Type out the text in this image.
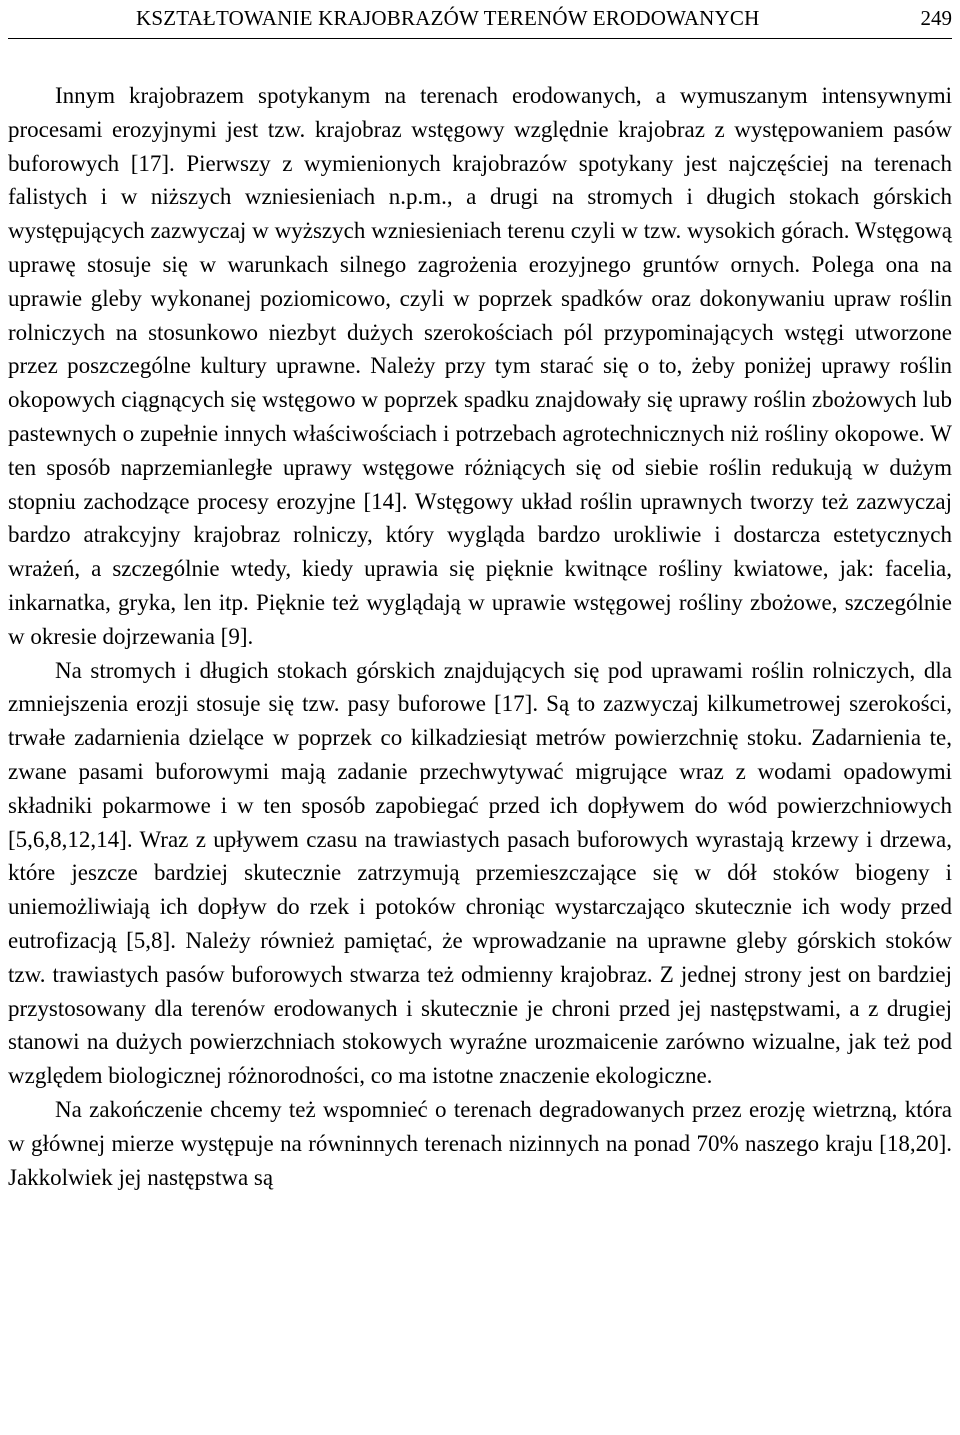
KSZTAŁTOWANIE KRAJOBRAZÓW TERENÓW ERODOWANYCH	249

Innym krajobrazem spotykanym na terenach erodowanych, a wymuszanym intensywnymi procesami erozyjnymi jest tzw. krajobraz wstęgowy względnie krajobraz z występowaniem pasów buforowych [17]. Pierwszy z wymienionych krajobrazów spotykany jest najczęściej na terenach falistych i w niższych wzniesieniach n.p.m., a drugi na stromych i długich stokach górskich występujących zazwyczaj w wyższych wzniesieniach terenu czyli w tzw. wysokich górach. Wstęgową uprawę stosuje się w warunkach silnego zagrożenia erozyjnego gruntów ornych. Polega ona na uprawie gleby wykonanej poziomicowo, czyli w poprzek spadków oraz dokonywaniu upraw roślin rolniczych na stosunkowo niezbyt dużych szerokościach pól przypominających wstęgi utworzone przez poszczególne kultury uprawne. Należy przy tym starać się o to, żeby poniżej uprawy roślin okopowych ciągnących się wstęgowo w poprzek spadku znajdowały się uprawy roślin zbożowych lub pastewnych o zupełnie innych właściwościach i potrzebach agrotechnicznych niż rośliny okopowe. W ten sposób naprzemianległe uprawy wstęgowe różniących się od siebie roślin redukują w dużym stopniu zachodzące procesy erozyjne [14]. Wstęgowy układ roślin uprawnych tworzy też zazwyczaj bardzo atrakcyjny krajobraz rolniczy, który wygląda bardzo urokliwie i dostarcza estetycznych wrażeń, a szczególnie wtedy, kiedy uprawia się pięknie kwitnące rośliny kwiatowe, jak: facelia, inkarnatka, gryka, len itp. Pięknie też wyglądają w uprawie wstęgowej rośliny zbożowe, szczególnie w okresie dojrzewania [9].

Na stromych i długich stokach górskich znajdujących się pod uprawami roślin rolniczych, dla zmniejszenia erozji stosuje się tzw. pasy buforowe [17]. Są to zazwyczaj kilkumetrowej szerokości, trwałe zadarnienia dzielące w poprzek co kilkadziesiąt metrów powierzchnię stoku. Zadarnienia te, zwane pasami buforowymi mają zadanie przechwytywać migrujące wraz z wodami opadowymi składniki pokarmowe i w ten sposób zapobiegać przed ich dopływem do wód powierzchniowych [5,6,8,12,14]. Wraz z upływem czasu na trawiastych pasach buforowych wyrastają krzewy i drzewa, które jeszcze bardziej skutecznie zatrzymują przemieszczające się w dół stoków biogeny i uniemożliwiają ich dopływ do rzek i potoków chroniąc wystarczająco skutecznie ich wody przed eutrofizacją [5,8]. Należy również pamiętać, że wprowadzanie na uprawne gleby górskich stoków tzw. trawiastych pasów buforowych stwarza też odmienny krajobraz. Z jednej strony jest on bardziej przystosowany dla terenów erodowanych i skutecznie je chroni przed jej następstwami, a z drugiej stanowi na dużych powierzchniach stokowych wyraźne urozmaicenie zarówno wizualne, jak też pod względem biologicznej różnorodności, co ma istotne znaczenie ekologiczne.

Na zakończenie chcemy też wspomnieć o terenach degradowanych przez erozję wietrzną, która w głównej mierze występuje na równinnych terenach nizinnych na ponad 70% naszego kraju [18,20]. Jakkolwiek jej następstwa są
